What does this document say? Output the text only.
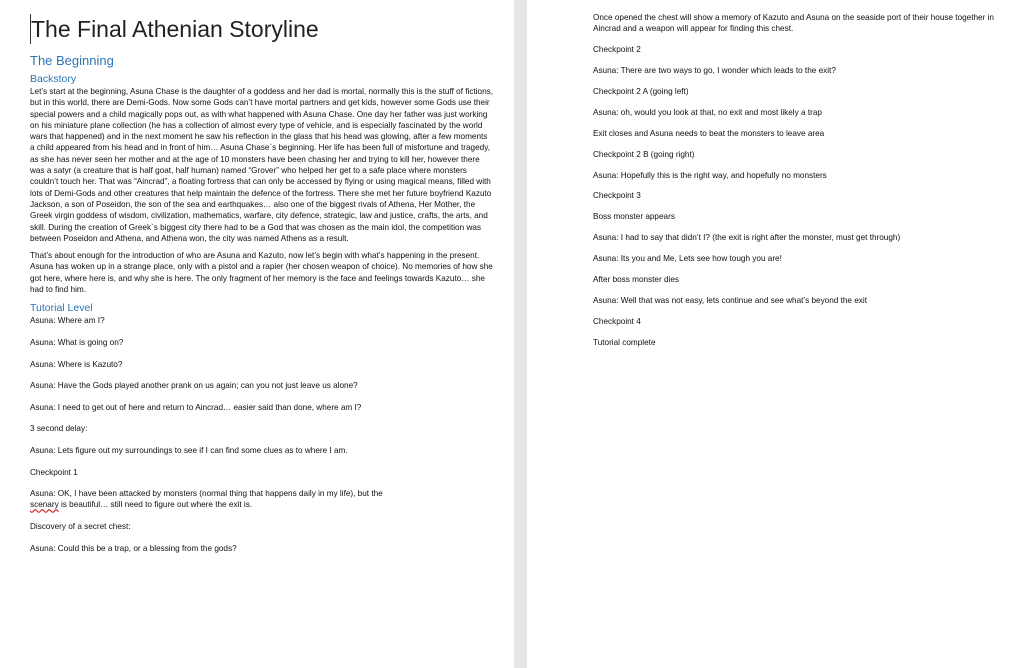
The Final Athenian Storyline
The Beginning
Backstory

Let’s start at the beginning, Asuna Chase is the daughter of a goddess and her dad is mortal, normally this is the stuff of fictions, but in this world, there are Demi-Gods. Now some Gods can’t have mortal partners and get kids, however some Gods use their special powers and a child magically pops out, as with what happened with Asuna Chase. One day her father was just working on his miniature plane collection (he has a collection of almost every type of vehicle, and is especially fascinated by the world wars that happened) and in the next moment he saw his reflection in the glass that his head was glowing, after a few moments a child appeared from his head and in front of him… Asuna Chase`s beginning. Her life has been full of misfortune and tragedy, as she has never seen her mother and at the age of 10 monsters have been chasing her and trying to kill her, however there was a satyr (a creature that is half goat, half human) named “Grover” who helped her get to a safe place where monsters couldn’t touch her. That was “Aincrad”, a floating fortress that can only be accessed by flying or using magical means, filled with lots of Demi-Gods and other creatures that help maintain the defence of the fortress. There she met her future boyfriend Kazuto Jackson, a son of Poseidon, the son of the sea and earthquakes… also one of the biggest rivals of Athena, Her Mother, the Greek virgin goddess of wisdom, civilization, mathematics, warfare, city defence, strategic, law and justice, crafts, the arts, and skill. During the creation of Greek`s biggest city there had to be a God that was chosen as the main idol, the competition was between Poseidon and Athena, and Athena won, the city was named Athens as a result.

That’s about enough for the introduction of who are Asuna and Kazuto, now let’s begin with what’s happening in the present. Asuna has woken up in a strange place, only with a pistol and a rapier (her chosen weapon of choice). No memories of how she got here, where here is, and why she is here. The only fragment of her memory is the face and feelings towards Kazuto… she had to find him.

Tutorial Level

Asuna: Where am I?

Asuna: What is going on?

Asuna: Where is Kazuto?

Asuna: Have the Gods played another prank on us again; can you not just leave us alone?

Asuna: I need to get out of here and return to Aincrad… easier said than done, where am I?

3 second delay:

Asuna: Lets figure out my surroundings to see if I can find some clues as to where I am.

Checkpoint 1

Asuna: OK, I have been attacked by monsters (normal thing that happens daily in my life), but the
scenary is beautiful… still need to figure out where the exit is.

Discovery of a secret chest:

Asuna: Could this be a trap, or a blessing from the gods?

Once opened the chest will show a memory of Kazuto and Asuna on the seaside port of their house together in Aincrad and a weapon will appear for finding this chest.

Checkpoint 2

Asuna: There are two ways to go, I wonder which leads to the exit?

Checkpoint 2 A (going left)

Asuna: oh, would you look at that, no exit and most likely a trap

Exit closes and Asuna needs to beat the monsters to leave area

Checkpoint 2 B (going right)

Asuna: Hopefully this is the right way, and hopefully no monsters

Checkpoint 3

Boss monster appears

Asuna: I had to say that didn’t I? (the exit is right after the monster, must get through)

Asuna: Its you and Me, Lets see how tough you are!

After boss monster dies

Asuna: Well that was not easy, lets continue and see what’s beyond the exit

Checkpoint 4

Tutorial complete
